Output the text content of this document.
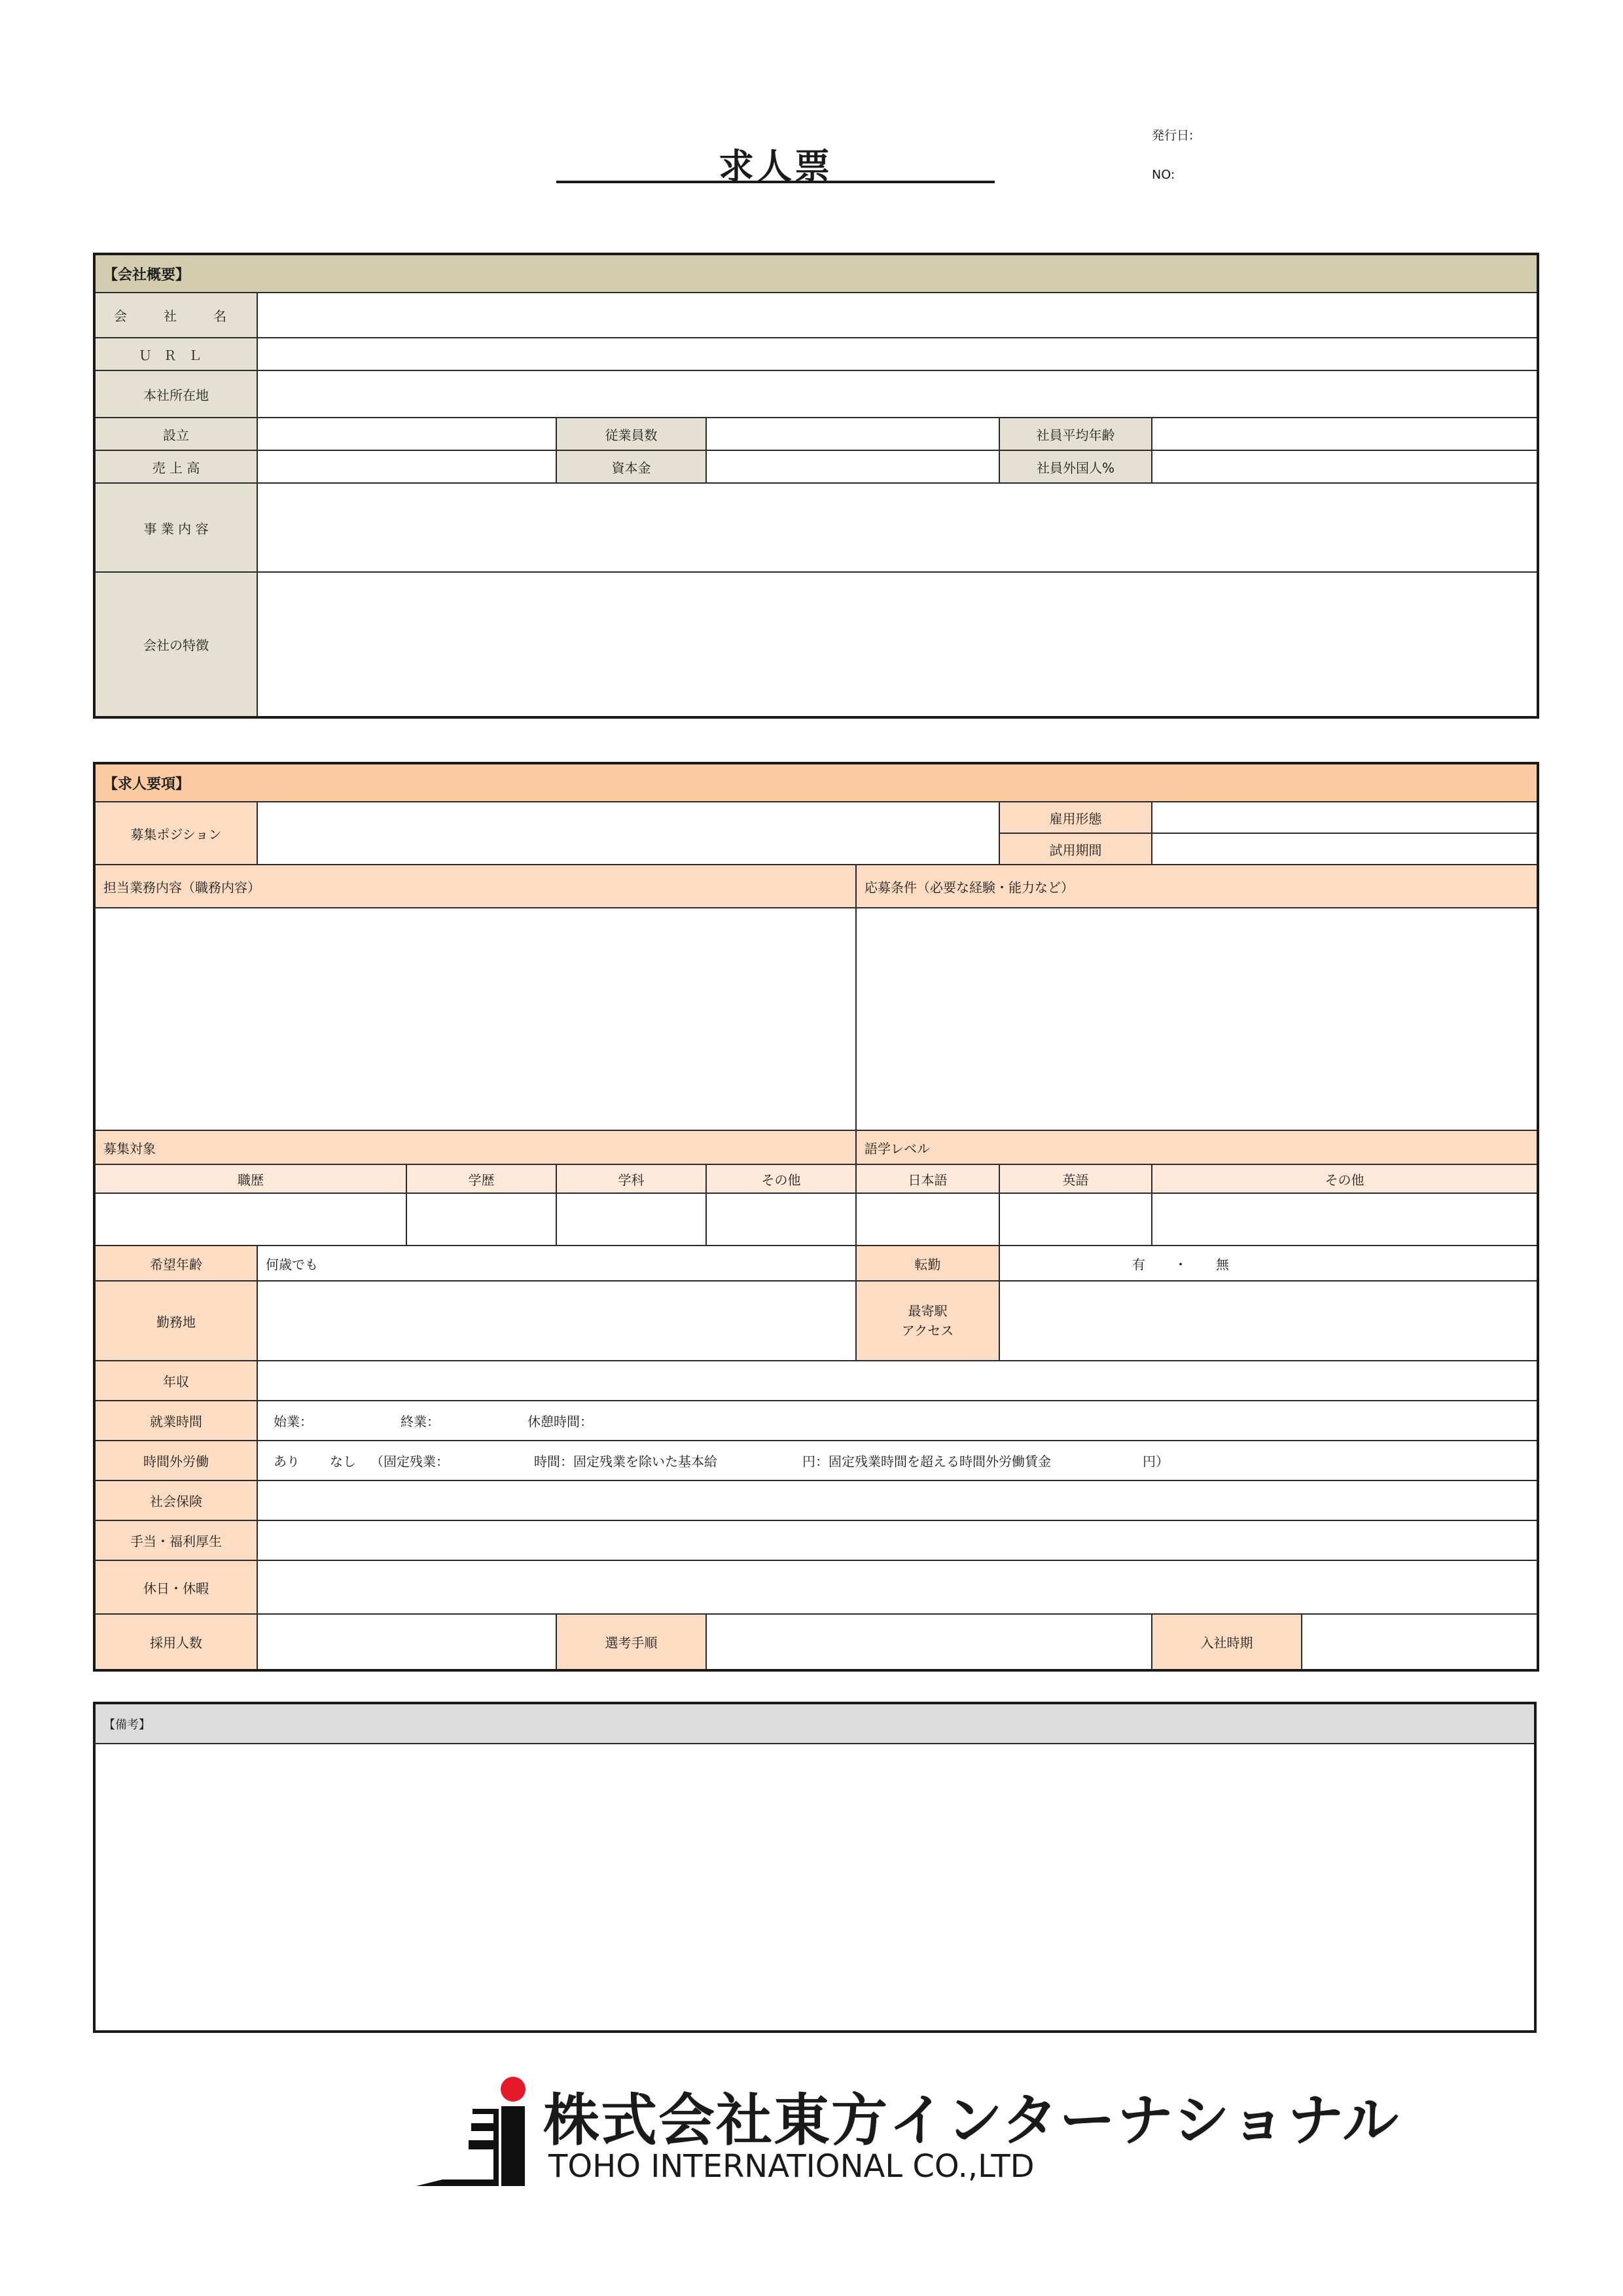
求人票
発行日:
NO:
【会社概要】					
会　社　名					
ＵＲＬ					
本社所在地					
設立		従業員数		社員平均年齢	
売 上 高		資本金		社員外国人%	
事 業 内 容					
会社の特徴					
【求人要項】								
募集ポジション						雇用形態		
						試用期間		
担当業務内容（職務内容）					応募条件（必要な経験・能力など）			

募集対象					語学レベル			
職歴		学歴	学科	その他	日本語	英語	その他	

希望年齢	何歳でも				転勤	有 ・ 無		
勤務地					最寄駅
アクセス			
年収								
就業時間	始業： 終業： 休憩時間：							
時間外労働	あり なし （固定残業： 時間：固定残業を除いた基本給 円：固定残業時間を超える時間外労働賃金 円）							
社会保険								
手当・福利厚生								
休日・休暇								
採用人数			選考手順				入社時期	
【備考】

株式会社東方インターナショナル
TOHO INTERNATIONAL CO.,LTD
